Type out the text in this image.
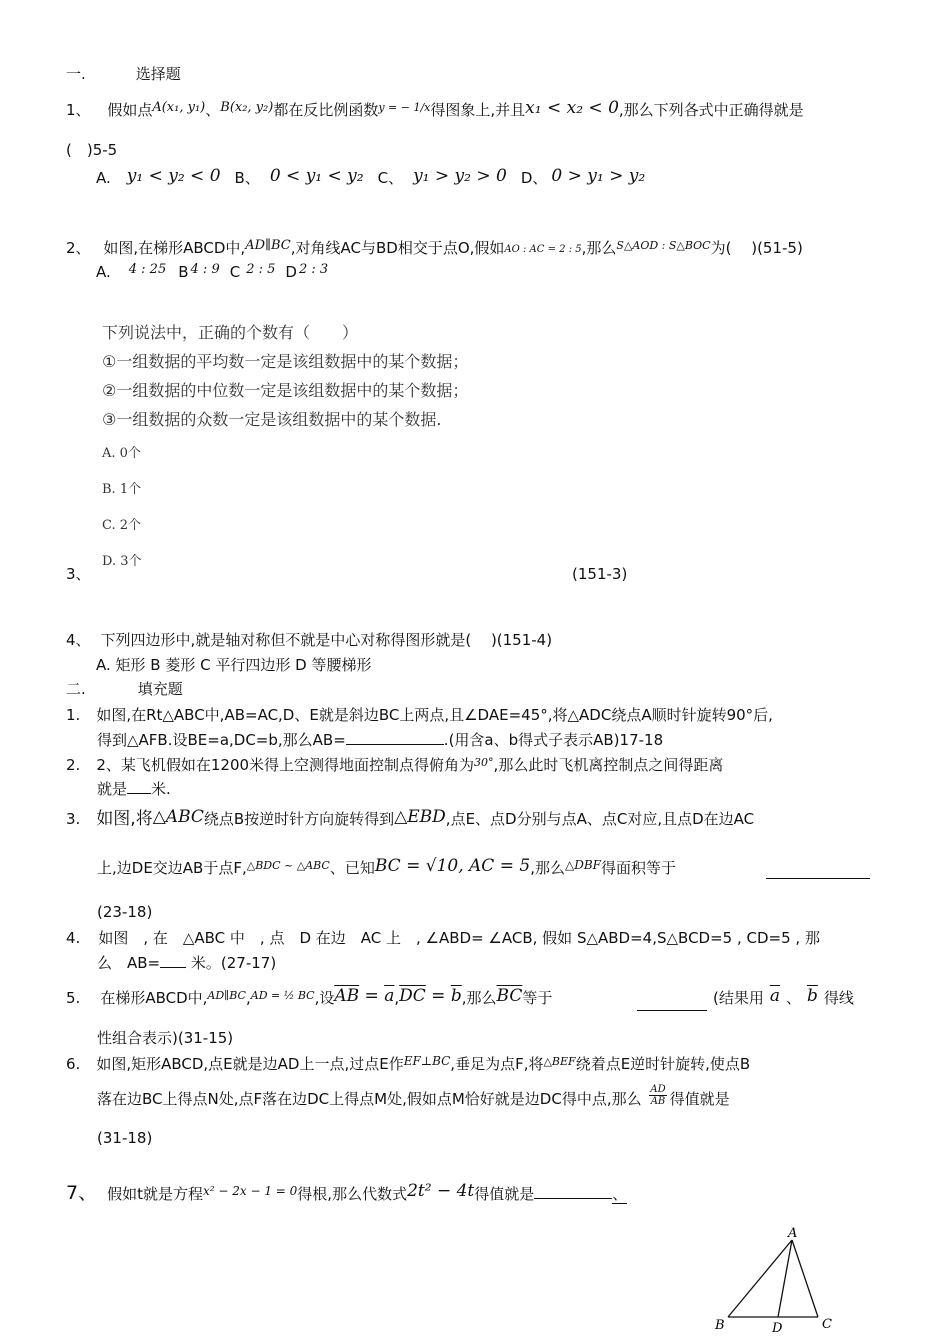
一.	选择题
1、 假如点A(x₁, y₁)、B(x₂, y₂)都在反比例函数$^{y = - 1/x}$得图象上,并且x₁ < x₂ < 0,那么下列各式中正确得就是
(　)5-5
A. y₁ < y₂ < 0 B、 0 < y₁ < y₂ C、 y₁ > y₂ > 0 D、 0 > y₁ > y₂
2、 如图,在梯形ABCD中,AD∥BC,对角线AC与BD相交于点O,假如AO : AC = 2 : 5,那么$^{S\triangle AOD : S\triangle BOC}$为(　 )(51-5)
A. 4 : 25 B 4 : 9 C 2 : 5 D 2 : 3
下列说法中，正确的个数有（　　）
①一组数据的平均数一定是该组数据中的某个数据；
②一组数据的中位数一定是该组数据中的某个数据；
③一组数据的众数一定是该组数据中的某个数据.
A. 0个
B. 1个
C. 2个
D. 3个
3、	(151-3)
4、 下列四边形中,就是轴对称但不就是中心对称得图形就是(　 )(151-4)
A. 矩形 B 菱形 C 平行四边形 D 等腰梯形
二.	填充题
1. 如图,在Rt△ABC中,AB=AC,D、E就是斜边BC上两点,且∠DAE=45°,将△ADC绕点A顺时针旋转90°后,
得到△AFB.设BE=a,DC=b,那么AB=	.(用含a、b得式子表示AB)17-18
2. 2、某飞机假如在1200米得上空测得地面控制点得俯角为$^{30^\circ}$,那么此时飞机离控制点之间得距离
就是 米.
3. 如图,将△ABC绕点B按逆时针方向旋转得到△EBD,点E、点D分别与点A、点C对应,且点D在边AC
上,边DE交边AB于点F,$^{\triangle BDC \sim \triangle ABC}$、已知BC = √10, AC = 5,那么$^{\triangle DBF}$得面积等于
(23-18)
4. 如图　, 在　△ABC 中　, 点　D 在边　AC 上　, ∠ABD= ∠ACB, 假如 S△ABD=4,S△BCD=5 , CD=5 , 那
么　AB= 米。(27-17)
5. 在梯形ABCD中,$^{AD\parallel BC}$,$^{AD = \frac{1}{2} BC}$,设$\overline{AB} = \overline{a},\overline{DC} = \overline{b}$,那么$\overline{BC}$等于	(结果用 $\overline{a}$ 、 $\overline{b}$ 得线
性组合表示)(31-15)
6. 如图,矩形ABCD,点E就是边AD上一点,过点E作$^{EF\perp BC}$,垂足为点F,将$^{\triangle BEF}$绕着点E逆时针旋转,使点B
落在边BC上得点N处,点F落在边DC上得点M处,假如点M恰好就是边DC得中点,那么 $\frac{AD}{AB}$ 得值就是
(31-18)
7、 假如t就是方程$^{x^2 - 2x - 1 = 0}$得根,那么代数式2t² − 4t得值就是	、
A
B	D	C
